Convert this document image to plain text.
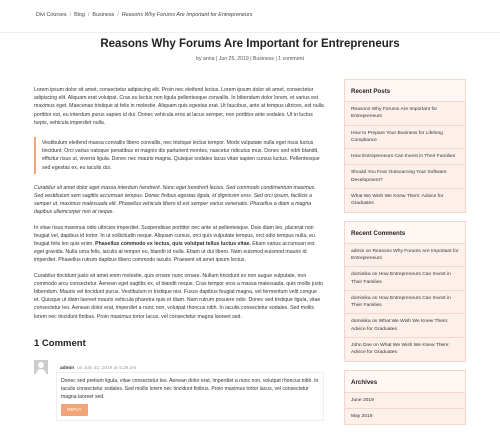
Divi Courses / Blog / Business / Reasons Why Forums Are Important for Entrepreneurs
Reasons Why Forums Are Important for Entrepreneurs
by anna | Jun 25, 2019 | Business | 1 comment

Lorem ipsum dolor sit amet, consectetur adipiscing elit. Proin nec eleifend lectus. Lorem ipsum dolor sit amet, consectetur adipiscing elit. Aliquam erat volutpat. Cras eu lectus non ligula pellentesque convallis. In bibendum dolor lorem, et varius est maximus eget. Maecenas tristique at felis in molestie. Aliquam quis egestas erat. Ut faucibus, ante at tempus ultrices, est nulla porttitor est, eu interdum purus sapien id dui. Donec vehicula eros at lacus semper, non porttitor ante sodales. Ut in luctus turpis, vehicula imperdiet nulla.

Vestibulum eleifend massa convallis libero convallis, nec tristique lectus tempor. Morbi vulputate nulla eget risus luctus tincidunt. Orci varius natoque penatibus et magnis dis parturient montes, nascetur ridiculus mus. Donec sed nibh blandit, efficitur risus ut, viverra ligula. Donec nec mauris magna. Quisque sodales lacus vitae sapien cursus luctus. Pellentesque sed egestas ex, eu iaculis dui.

Curabitur sit amet dolor eget massa interdum hendrerit. Nunc eget hendrerit lectus. Sed commodo condimentum maximus. Sed vestibulum sem sagittis accumsan tempus. Donec finibus egestas ligula, id dignissim eros. Sed orci ipsum, facilisis a semper ut, maximus malesuada elit. Phasellus vehicula libero id est semper varius venenatis. Phasellus a diam a magna dapibus ullamcorper non at neque.

In vitae risus maximus odio ultricies imperdiet. Suspendisse porttitor nec ante at pellentesque. Duis diam leo, placerat non feugiat vel, dapibus id tortor. In ut sollicitudin neque. Aliquam cursus, orci quis vulputate tempus, orci odio tempus nulla, eu feugiat felis leo quis enim. Phasellus commodo ex lectus, quis volutpat tellus luctus vitae. Etiam varius accumsan est eget gravida. Nulla urna felis, iaculis at tempor eu, blandit id nulla. Etiam ut dui libero. Nam euismod euismod mauris id imperdiet. Phasellus rutrum dapibus libero commodo iaculis. Praesent sit amet ipsum lectus.

Curabitur tincidunt justo sit amet enim molestie, quis ornare nunc ornare. Nullam tincidunt ex non augue vulputate, non commodo arcu consectetur. Aenean eget sagittis ex, ut blandit neque. Cras tempor eros a massa malesuada, quis mollis justo bibendum. Mauris vel tincidunt purus. Vestibulum in tristique nisi. Fusce dapibus feugiat magna, vel fermentum velit congue et. Quisque ut diam laoreet mauris vehicula pharetra quis et diam. Nam rutrum posuere odio. Donec sed tristique ligula, vitae consectetur leo. Aenean dolor erat, imperdiet a nunc non, volutpat rhoncus nibh. In iaculis consectetur sodales. Sed mollis lorem nec tincidunt finibus. Proin maximus tortor lacus, vel consectetur magna laoreet sed.

1 Comment
admin on July 31, 2019 at 5:28 pm
Donec sed pretium ligula, vitae consectetur leo. Aenean dolor erat, imperdiet a nunc non, volutpat rhoncus nibh. In iaculis consectetur sodales. Sed mollis lorem nec tincidunt finibus. Proin maximus tortor lacus, vel consectetur magna laoreet sed.
REPLY
Recent Posts
Reasons Why Forums Are Important for Entrepreneurs
How to Prepare Your Business for Lifelong Compliance
How Entrepreneurs Can Invest in Their Families
Should You Fear Outsourcing Your Software Development?
What We Wish We Knew Them: Advice for Graduates
Recent Comments
admin on Reasons Why Forums Are Important for Entrepreneurs
dominika on How Entrepreneurs Can Invest in Their Families
dominika on How Entrepreneurs Can Invest in Their Families
dominika on What We Wish We Knew Them: Advice for Graduates
John Doe on What We Wish We Knew Them: Advice for Graduates
Archives
June 2019
May 2019
